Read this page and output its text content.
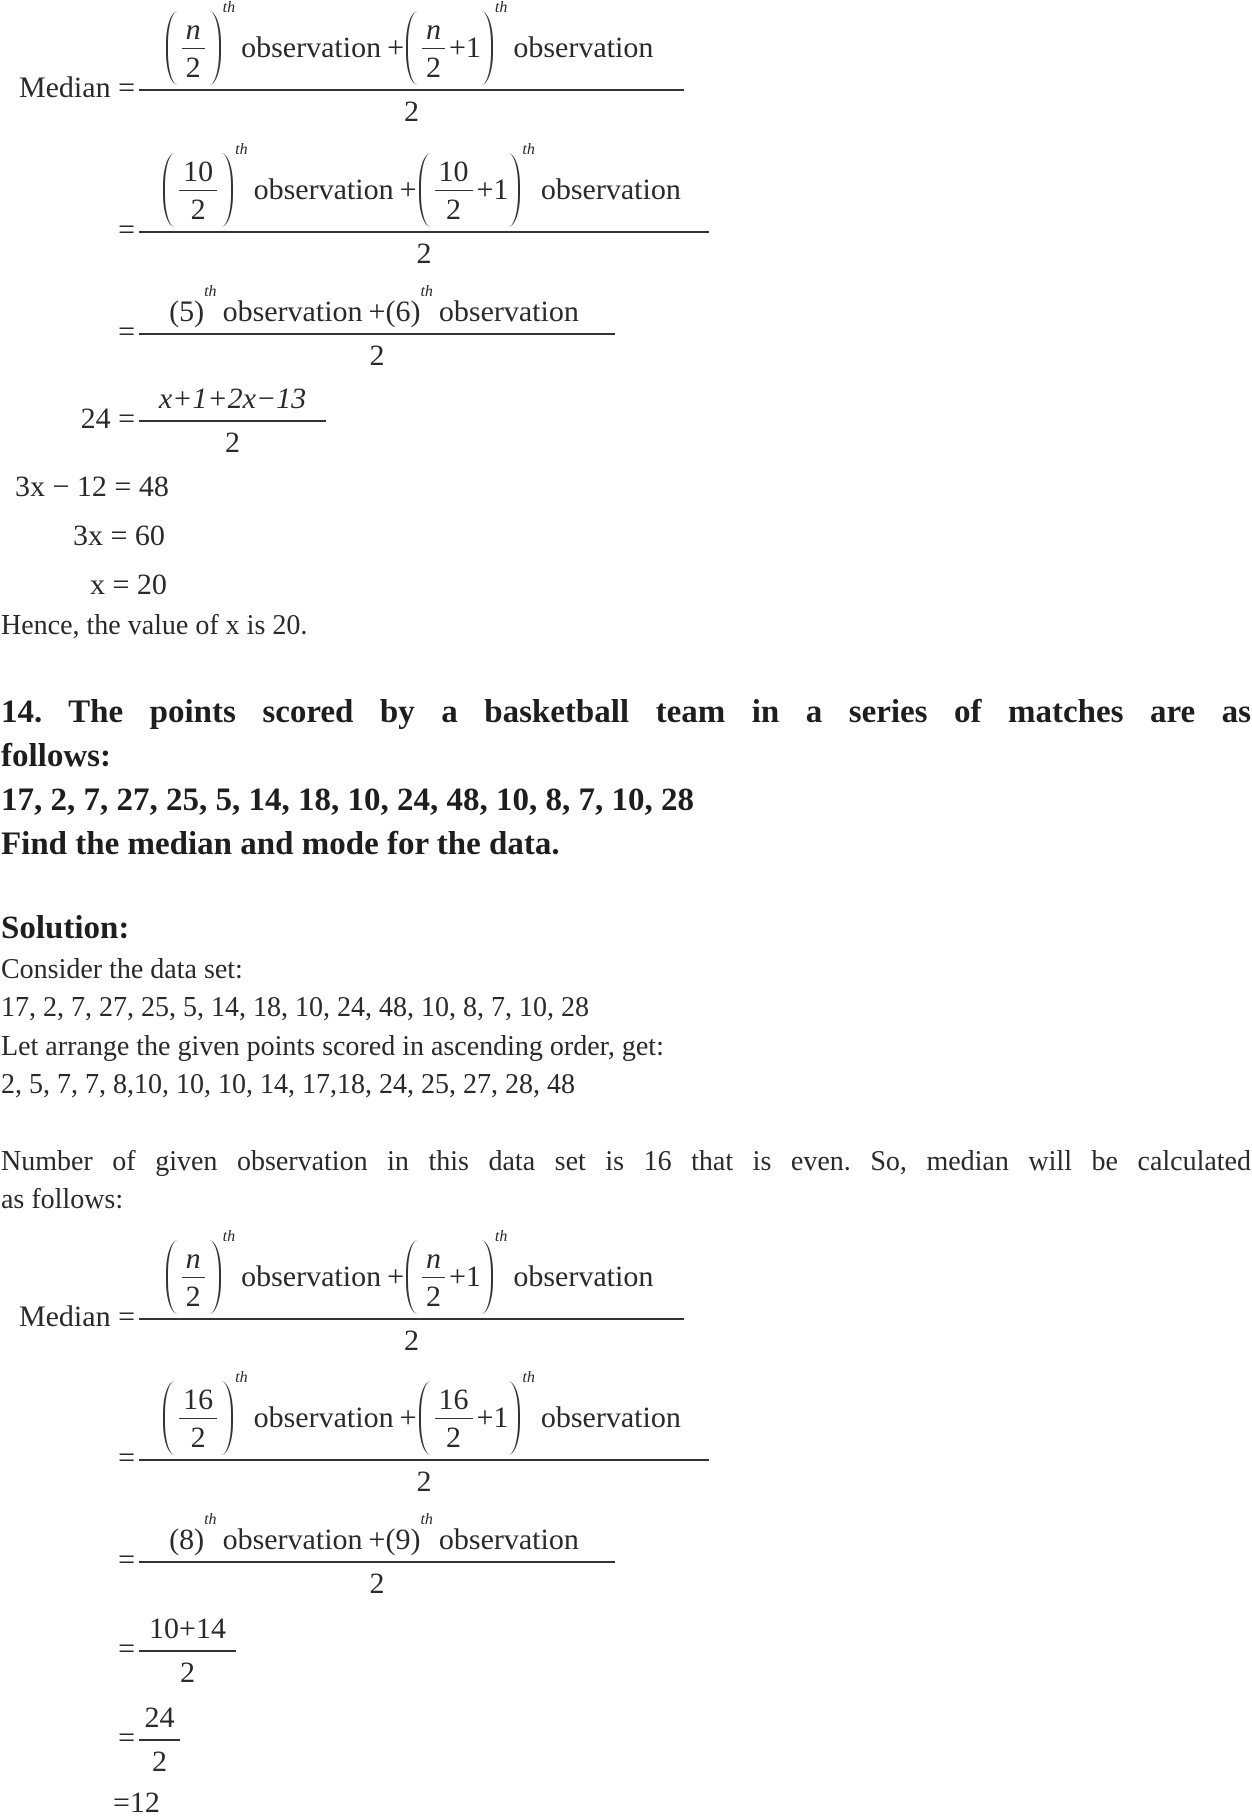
Median =
$\frac{n}{2}$
th
observation + $\frac{n}{2} +1$
th
observation
2
=
$\frac{10}{2}$
th
observation + $\frac{10}{2} +1$
th
observation
2
=
(5)
th
observation + (6)
th
observation
2
24 =
x+1+2x−13
2
3x − 12 = 48
3x = 60
x = 20
Hence, the value of x is 20.
14. The points scored by a basketball team in a series of matches are as
follows:
17, 2, 7, 27, 25, 5, 14, 18, 10, 24, 48, 10, 8, 7, 10, 28
Find the median and mode for the data.
Solution:
Consider the data set:
17, 2, 7, 27, 25, 5, 14, 18, 10, 24, 48, 10, 8, 7, 10, 28
Let arrange the given points scored in ascending order, get:
2, 5, 7, 7, 8,10, 10, 10, 14, 17,18, 24, 25, 27, 28, 48
Number of given observation in this data set is 16 that is even. So, median will be calculated
as follows:
Median =
$\frac{n}{2}$
th
observation + $\frac{n}{2} +1$
th
observation
2
=
$\frac{16}{2}$
th
observation + $\frac{16}{2} +1$
th
observation
2
=
(8)
th
observation + (9)
th
observation
2
=
10+14
2
=
24
2
=12
